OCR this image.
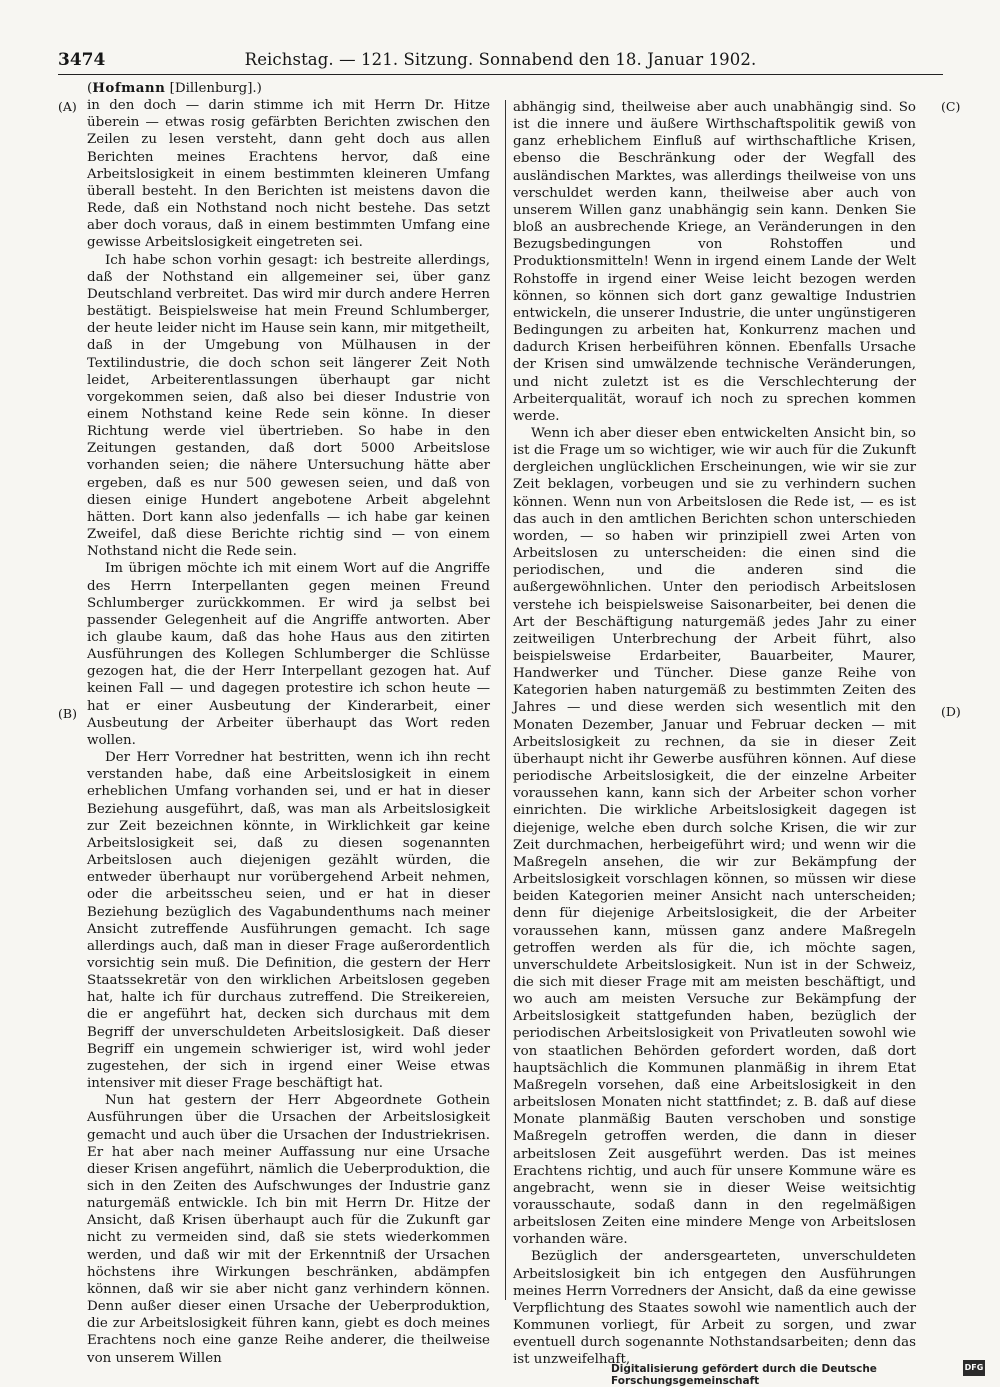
3474	Reichstag. — 121. Sitzung. Sonnabend den 18. Januar 1902.
(A)
(B)
(C)
(D)
(Hofmann [Dillenburg].)

in den doch — darin stimme ich mit Herrn Dr. Hitze überein — etwas rosig gefärbten Berichten zwischen den Zeilen zu lesen versteht, dann geht doch aus allen Berichten meines Erachtens hervor, daß eine Arbeitslosigkeit in einem bestimmten kleineren Umfang überall besteht. In den Berichten ist meistens davon die Rede, daß ein Nothstand noch nicht bestehe. Das setzt aber doch voraus, daß in einem bestimmten Umfang eine gewisse Arbeitslosigkeit eingetreten sei.

Ich habe schon vorhin gesagt: ich bestreite allerdings, daß der Nothstand ein allgemeiner sei, über ganz Deutschland verbreitet. Das wird mir durch andere Herren bestätigt. Beispielsweise hat mein Freund Schlumberger, der heute leider nicht im Hause sein kann, mir mitgetheilt, daß in der Umgebung von Mülhausen in der Textilindustrie, die doch schon seit längerer Zeit Noth leidet, Arbeiterentlassungen überhaupt gar nicht vorgekommen seien, daß also bei dieser Industrie von einem Nothstand keine Rede sein könne. In dieser Richtung werde viel übertrieben. So habe in den Zeitungen gestanden, daß dort 5000 Arbeitslose vorhanden seien; die nähere Untersuchung hätte aber ergeben, daß es nur 500 gewesen seien, und daß von diesen einige Hundert angebotene Arbeit abgelehnt hätten. Dort kann also jedenfalls — ich habe gar keinen Zweifel, daß diese Berichte richtig sind — von einem Nothstand nicht die Rede sein.

Im übrigen möchte ich mit einem Wort auf die Angriffe des Herrn Interpellanten gegen meinen Freund Schlumberger zurückkommen. Er wird ja selbst bei passender Gelegenheit auf die Angriffe antworten. Aber ich glaube kaum, daß das hohe Haus aus den zitirten Ausführungen des Kollegen Schlumberger die Schlüsse gezogen hat, die der Herr Interpellant gezogen hat. Auf keinen Fall — und dagegen protestire ich schon heute — hat er einer Ausbeutung der Kinderarbeit, einer Ausbeutung der Arbeiter überhaupt das Wort reden wollen.

Der Herr Vorredner hat bestritten, wenn ich ihn recht verstanden habe, daß eine Arbeitslosigkeit in einem erheblichen Umfang vorhanden sei, und er hat in dieser Beziehung ausgeführt, daß, was man als Arbeitslosigkeit zur Zeit bezeichnen könnte, in Wirklichkeit gar keine Arbeitslosigkeit sei, daß zu diesen sogenannten Arbeitslosen auch diejenigen gezählt würden, die entweder überhaupt nur vorübergehend Arbeit nehmen, oder die arbeitsscheu seien, und er hat in dieser Beziehung bezüglich des Vagabundenthums nach meiner Ansicht zutreffende Ausführungen gemacht. Ich sage allerdings auch, daß man in dieser Frage außerordentlich vorsichtig sein muß. Die Definition, die gestern der Herr Staatssekretär von den wirklichen Arbeitslosen gegeben hat, halte ich für durchaus zutreffend. Die Streikereien, die er angeführt hat, decken sich durchaus mit dem Begriff der unverschuldeten Arbeitslosigkeit. Daß dieser Begriff ein ungemein schwieriger ist, wird wohl jeder zugestehen, der sich in irgend einer Weise etwas intensiver mit dieser Frage beschäftigt hat.

Nun hat gestern der Herr Abgeordnete Gothein Ausführungen über die Ursachen der Arbeitslosigkeit gemacht und auch über die Ursachen der Industriekrisen. Er hat aber nach meiner Auffassung nur eine Ursache dieser Krisen angeführt, nämlich die Ueberproduktion, die sich in den Zeiten des Aufschwunges der Industrie ganz naturgemäß entwickle. Ich bin mit Herrn Dr. Hitze der Ansicht, daß Krisen überhaupt auch für die Zukunft gar nicht zu vermeiden sind, daß sie stets wiederkommen werden, und daß wir mit der Erkenntniß der Ursachen höchstens ihre Wirkungen beschränken, abdämpfen können, daß wir sie aber nicht ganz verhindern können. Denn außer dieser einen Ursache der Ueberproduktion, die zur Arbeitslosigkeit führen kann, giebt es doch meines Erachtens noch eine ganze Reihe anderer, die theilweise von unserem Willen

abhängig sind, theilweise aber auch unabhängig sind. So ist die innere und äußere Wirthschaftspolitik gewiß von ganz erheblichem Einfluß auf wirthschaftliche Krisen, ebenso die Beschränkung oder der Wegfall des ausländischen Marktes, was allerdings theilweise von uns verschuldet werden kann, theilweise aber auch von unserem Willen ganz unabhängig sein kann. Denken Sie bloß an ausbrechende Kriege, an Veränderungen in den Bezugsbedingungen von Rohstoffen und Produktionsmitteln! Wenn in irgend einem Lande der Welt Rohstoffe in irgend einer Weise leicht bezogen werden können, so können sich dort ganz gewaltige Industrien entwickeln, die unserer Industrie, die unter ungünstigeren Bedingungen zu arbeiten hat, Konkurrenz machen und dadurch Krisen herbeiführen können. Ebenfalls Ursache der Krisen sind umwälzende technische Veränderungen, und nicht zuletzt ist es die Verschlechterung der Arbeiterqualität, worauf ich noch zu sprechen kommen werde.

Wenn ich aber dieser eben entwickelten Ansicht bin, so ist die Frage um so wichtiger, wie wir auch für die Zukunft dergleichen unglücklichen Erscheinungen, wie wir sie zur Zeit beklagen, vorbeugen und sie zu verhindern suchen können. Wenn nun von Arbeitslosen die Rede ist, — es ist das auch in den amtlichen Berichten schon unterschieden worden, — so haben wir prinzipiell zwei Arten von Arbeitslosen zu unterscheiden: die einen sind die periodischen, und die anderen sind die außergewöhnlichen. Unter den periodisch Arbeitslosen verstehe ich beispielsweise Saisonarbeiter, bei denen die Art der Beschäftigung naturgemäß jedes Jahr zu einer zeitweiligen Unterbrechung der Arbeit führt, also beispielsweise Erdarbeiter, Bauarbeiter, Maurer, Handwerker und Tüncher. Diese ganze Reihe von Kategorien haben naturgemäß zu bestimmten Zeiten des Jahres — und diese werden sich wesentlich mit den Monaten Dezember, Januar und Februar decken — mit Arbeitslosigkeit zu rechnen, da sie in dieser Zeit überhaupt nicht ihr Gewerbe ausführen können. Auf diese periodische Arbeitslosigkeit, die der einzelne Arbeiter voraussehen kann, kann sich der Arbeiter schon vorher einrichten. Die wirkliche Arbeitslosigkeit dagegen ist diejenige, welche eben durch solche Krisen, die wir zur Zeit durchmachen, herbeigeführt wird; und wenn wir die Maßregeln ansehen, die wir zur Bekämpfung der Arbeitslosigkeit vorschlagen können, so müssen wir diese beiden Kategorien meiner Ansicht nach unterscheiden; denn für diejenige Arbeitslosigkeit, die der Arbeiter voraussehen kann, müssen ganz andere Maßregeln getroffen werden als für die, ich möchte sagen, unverschuldete Arbeitslosigkeit. Nun ist in der Schweiz, die sich mit dieser Frage mit am meisten beschäftigt, und wo auch am meisten Versuche zur Bekämpfung der Arbeitslosigkeit stattgefunden haben, bezüglich der periodischen Arbeitslosigkeit von Privatleuten sowohl wie von staatlichen Behörden gefordert worden, daß dort hauptsächlich die Kommunen planmäßig in ihrem Etat Maßregeln vorsehen, daß eine Arbeitslosigkeit in den arbeitslosen Monaten nicht stattfindet; z. B. daß auf diese Monate planmäßig Bauten verschoben und sonstige Maßregeln getroffen werden, die dann in dieser arbeitslosen Zeit ausgeführt werden. Das ist meines Erachtens richtig, und auch für unsere Kommune wäre es angebracht, wenn sie in dieser Weise weitsichtig vorausschaute, sodaß dann in den regelmäßigen arbeitslosen Zeiten eine mindere Menge von Arbeitslosen vorhanden wäre.

Bezüglich der andersgearteten, unverschuldeten Arbeitslosigkeit bin ich entgegen den Ausführungen meines Herrn Vorredners der Ansicht, daß da eine gewisse Verpflichtung des Staates sowohl wie namentlich auch der Kommunen vorliegt, für Arbeit zu sorgen, und zwar eventuell durch sogenannte Nothstandsarbeiten; denn das ist unzweifelhaft,

Digitalisierung gefördert durch die Deutsche Forschungsgemeinschaft
DFG
